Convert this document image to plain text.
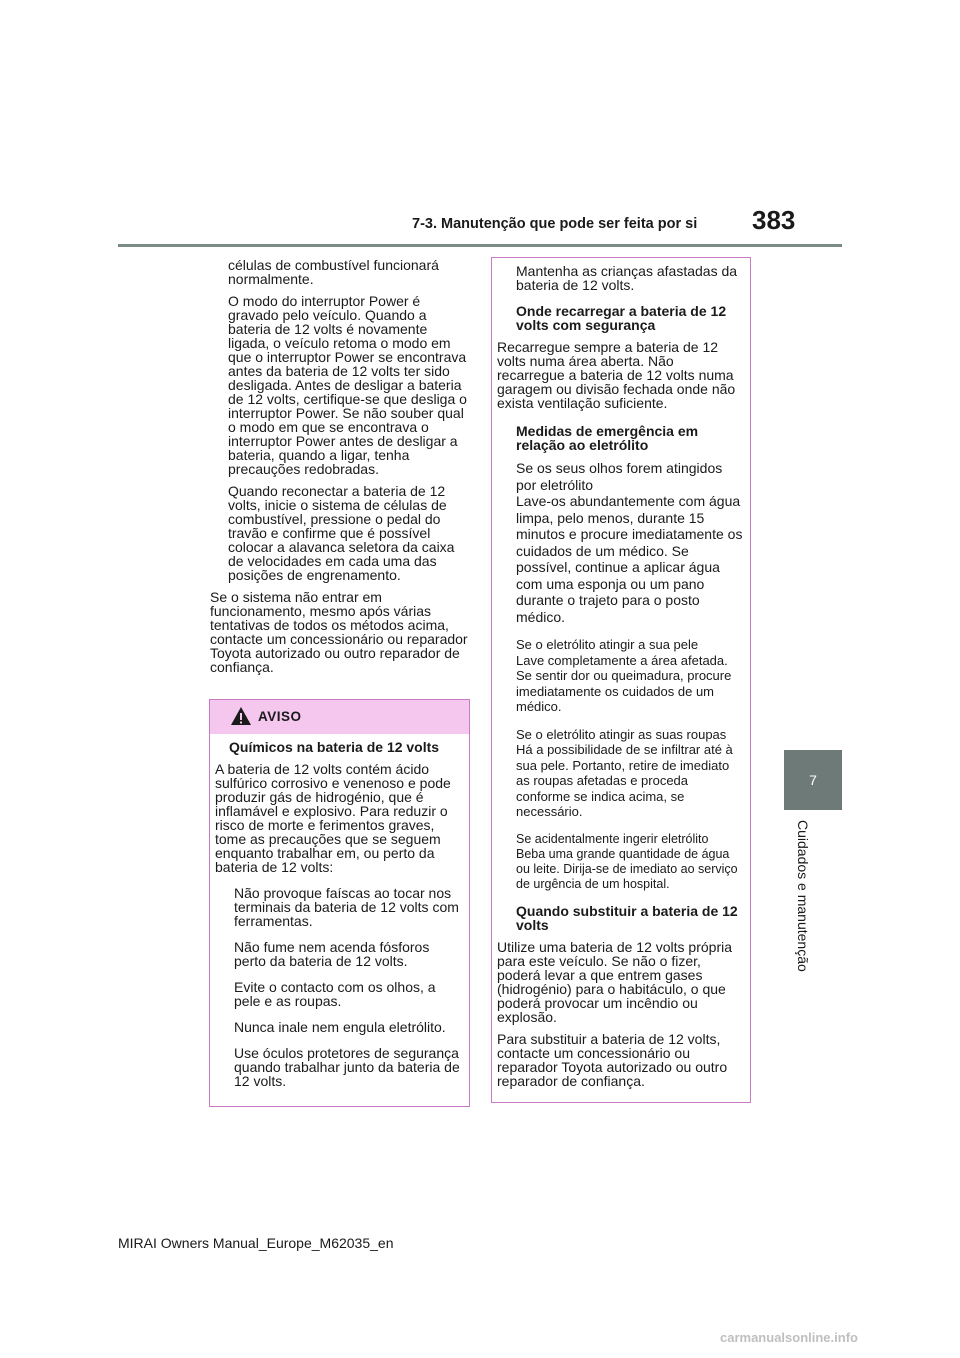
7-3. Manutenção que pode ser feita por si 383
7
Cuidados e manutenção

células de combustível funcionará normalmente.

O modo do interruptor Power é gravado pelo veículo. Quando a bateria de 12 volts é novamente ligada, o veículo retoma o modo em que o interruptor Power se encontrava antes da bateria de 12 volts ter sido desligada. Antes de desligar a bateria de 12 volts, certifique-se que desliga o interruptor Power. Se não souber qual o modo em que se encontrava o interruptor Power antes de desligar a bateria, quando a ligar, tenha precauções redobradas.

Quando reconectar a bateria de 12 volts, inicie o sistema de células de combustível, pressione o pedal do travão e confirme que é possível colocar a alavanca seletora da caixa de velocidades em cada uma das posições de engrenamento.

Se o sistema não entrar em funcionamento, mesmo após várias tentativas de todos os métodos acima, contacte um concessionário ou reparador Toyota autorizado ou outro reparador de confiança.

AVISO

Químicos na bateria de 12 volts

A bateria de 12 volts contém ácido sulfúrico corrosivo e venenoso e pode produzir gás de hidrogénio, que é inflamável e explosivo. Para reduzir o risco de morte e ferimentos graves, tome as precauções que se seguem enquanto trabalhar em, ou perto da bateria de 12 volts:

Não provoque faíscas ao tocar nos terminais da bateria de 12 volts com ferramentas.

Não fume nem acenda fósforos perto da bateria de 12 volts.

Evite o contacto com os olhos, a pele e as roupas.

Nunca inale nem engula eletrólito.

Use óculos protetores de segurança quando trabalhar junto da bateria de 12 volts.

Mantenha as crianças afastadas da bateria de 12 volts.

Onde recarregar a bateria de 12 volts com segurança

Recarregue sempre a bateria de 12 volts numa área aberta. Não recarregue a bateria de 12 volts numa garagem ou divisão fechada onde não exista ventilação suficiente.

Medidas de emergência em relação ao eletrólito

Se os seus olhos forem atingidos por eletrólito
Lave-os abundantemente com água limpa, pelo menos, durante 15 minutos e procure imediatamente os cuidados de um médico. Se possível, continue a aplicar água com uma esponja ou um pano durante o trajeto para o posto médico.

Se o eletrólito atingir a sua pele
Lave completamente a área afetada. Se sentir dor ou queimadura, procure imediatamente os cuidados de um médico.

Se o eletrólito atingir as suas roupas
Há a possibilidade de se infiltrar até à sua pele. Portanto, retire de imediato as roupas afetadas e proceda conforme se indica acima, se necessário.

Se acidentalmente ingerir eletrólito
Beba uma grande quantidade de água ou leite. Dirija-se de imediato ao serviço de urgência de um hospital.

Quando substituir a bateria de 12 volts

Utilize uma bateria de 12 volts própria para este veículo. Se não o fizer, poderá levar a que entrem gases (hidrogénio) para o habitáculo, o que poderá provocar um incêndio ou explosão.

Para substituir a bateria de 12 volts, contacte um concessionário ou reparador Toyota autorizado ou outro reparador de confiança.

MIRAI Owners Manual_Europe_M62035_en
carmanualsonline.info
